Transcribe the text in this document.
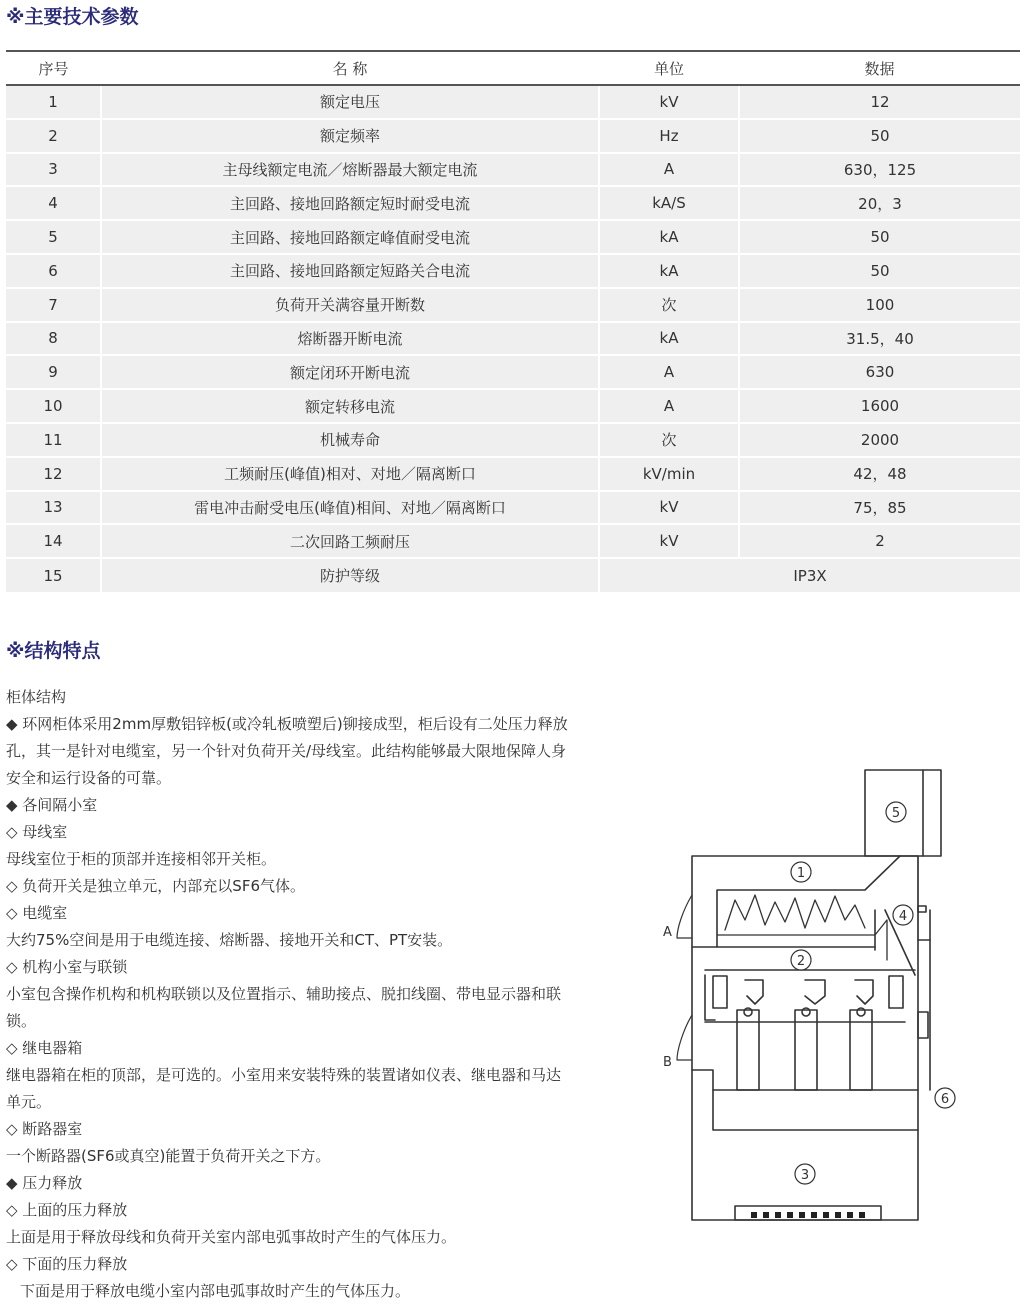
※主要技术参数
序号	名 称	单位	数据
1	额定电压	kV	12
2	额定频率	Hz	50
3	主母线额定电流／熔断器最大额定电流	A	630，125
4	主回路、接地回路额定短时耐受电流	kA/S	20，3
5	主回路、接地回路额定峰值耐受电流	kA	50
6	主回路、接地回路额定短路关合电流	kA	50
7	负荷开关满容量开断数	次	100
8	熔断器开断电流	kA	31.5，40
9	额定闭环开断电流	A	630
10	额定转移电流	A	1600
11	机械寿命	次	2000
12	工频耐压(峰值)相对、对地／隔离断口	kV/min	42，48
13	雷电冲击耐受电压(峰值)相间、对地／隔离断口	kV	75，85
14	二次回路工频耐压	kV	2
15	防护等级	IP3X	
※结构特点

柜体结构

◆ 环网柜体采用2mm厚敷铝锌板(或冷轧板喷塑后)铆接成型，柜后设有二处压力释放

孔，其一是针对电缆室，另一个针对负荷开关/母线室。此结构能够最大限地保障人身

安全和运行设备的可靠。

◆ 各间隔小室

◇ 母线室

母线室位于柜的顶部并连接相邻开关柜。

◇ 负荷开关是独立单元，内部充以SF6气体。

◇ 电缆室

大约75%空间是用于电缆连接、熔断器、接地开关和CT、PT安装。

◇ 机构小室与联锁

小室包含操作机构和机构联锁以及位置指示、辅助接点、脱扣线圈、带电显示器和联

锁。

◇ 继电器箱

继电器箱在柜的顶部，是可选的。小室用来安装特殊的装置诸如仪表、继电器和马达

单元。

◇ 断路器室

一个断路器(SF6或真空)能置于负荷开关之下方。

◆ 压力释放

◇ 上面的压力释放

上面是用于释放母线和负荷开关室内部电弧事故时产生的气体压力。

◇ 下面的压力释放

下面是用于释放电缆小室内部电弧事故时产生的气体压力。

A
B
5
1
4
2
6
3
